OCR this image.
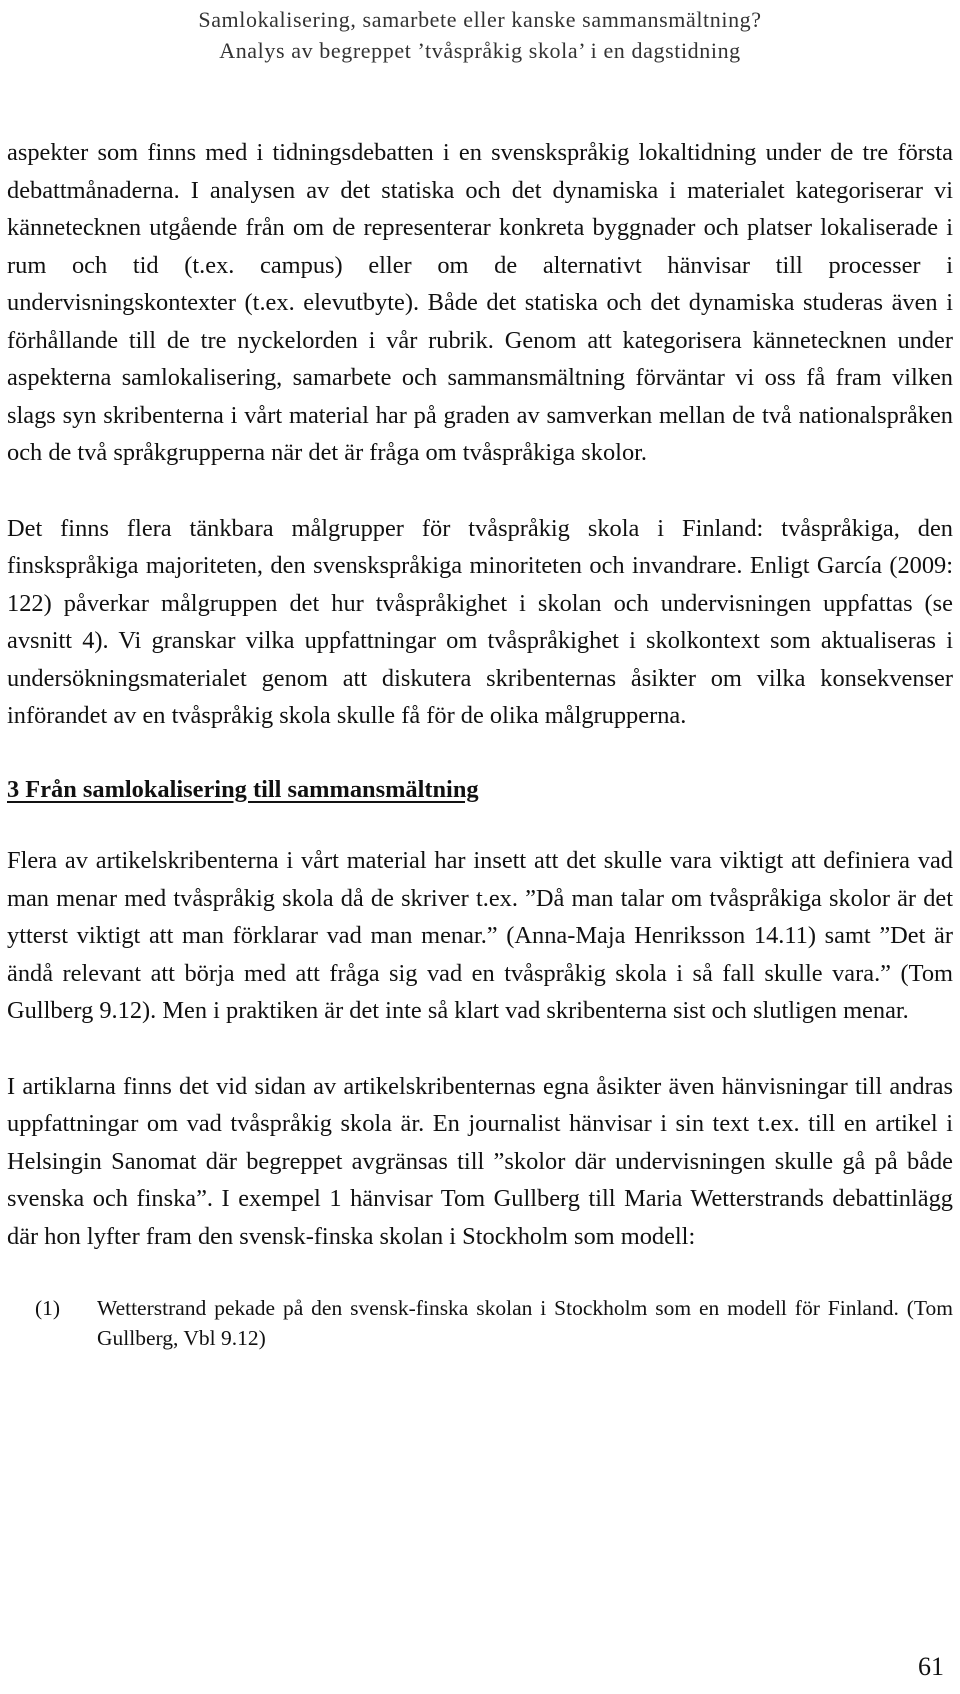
Samlokalisering, samarbete eller kanske sammansmältning?
Analys av begreppet ’tvåspråkig skola’ i en dagstidning

aspekter som finns med i tidningsdebatten i en svenskspråkig lokaltidning under de tre första debattmånaderna. I analysen av det statiska och det dynamiska i materialet kategoriserar vi kännetecknen utgående från om de representerar konkreta byggnader och platser lokaliserade i rum och tid (t.ex. campus) eller om de alternativt hänvisar till processer i undervisningskontexter (t.ex. elevutbyte). Både det statiska och det dynamiska studeras även i förhållande till de tre nyckelorden i vår rubrik. Genom att kategorisera kännetecknen under aspekterna samlokalisering, samarbete och sammansmältning förväntar vi oss få fram vilken slags syn skribenterna i vårt material har på graden av samverkan mellan de två nationalspråken och de två språkgrupperna när det är fråga om tvåspråkiga skolor.

Det finns flera tänkbara målgrupper för tvåspråkig skola i Finland: tvåspråkiga, den finskspråkiga majoriteten, den svenskspråkiga minoriteten och invandrare. Enligt García (2009: 122) påverkar målgruppen det hur tvåspråkighet i skolan och undervisningen uppfattas (se avsnitt 4). Vi granskar vilka uppfattningar om tvåspråkighet i skolkontext som aktualiseras i undersökningsmaterialet genom att diskutera skribenternas åsikter om vilka konsekvenser införandet av en tvåspråkig skola skulle få för de olika målgrupperna.

3 Från samlokalisering till sammansmältning

Flera av artikelskribenterna i vårt material har insett att det skulle vara viktigt att definiera vad man menar med tvåspråkig skola då de skriver t.ex. ”Då man talar om tvåspråkiga skolor är det ytterst viktigt att man förklarar vad man menar.” (Anna-Maja Henriksson 14.11) samt ”Det är ändå relevant att börja med att fråga sig vad en tvåspråkig skola i så fall skulle vara.” (Tom Gullberg 9.12). Men i praktiken är det inte så klart vad skribenterna sist och slutligen menar.

I artiklarna finns det vid sidan av artikelskribenternas egna åsikter även hänvisningar till andras uppfattningar om vad tvåspråkig skola är. En journalist hänvisar i sin text t.ex. till en artikel i Helsingin Sanomat där begreppet avgränsas till ”skolor där undervisningen skulle gå på både svenska och finska”. I exempel 1 hänvisar Tom Gullberg till Maria Wetterstrands debattinlägg där hon lyfter fram den svensk-finska skolan i Stockholm som modell:

(1)	Wetterstrand pekade på den svensk-finska skolan i Stockholm som en modell för Finland. (Tom Gullberg, Vbl 9.12)
61
